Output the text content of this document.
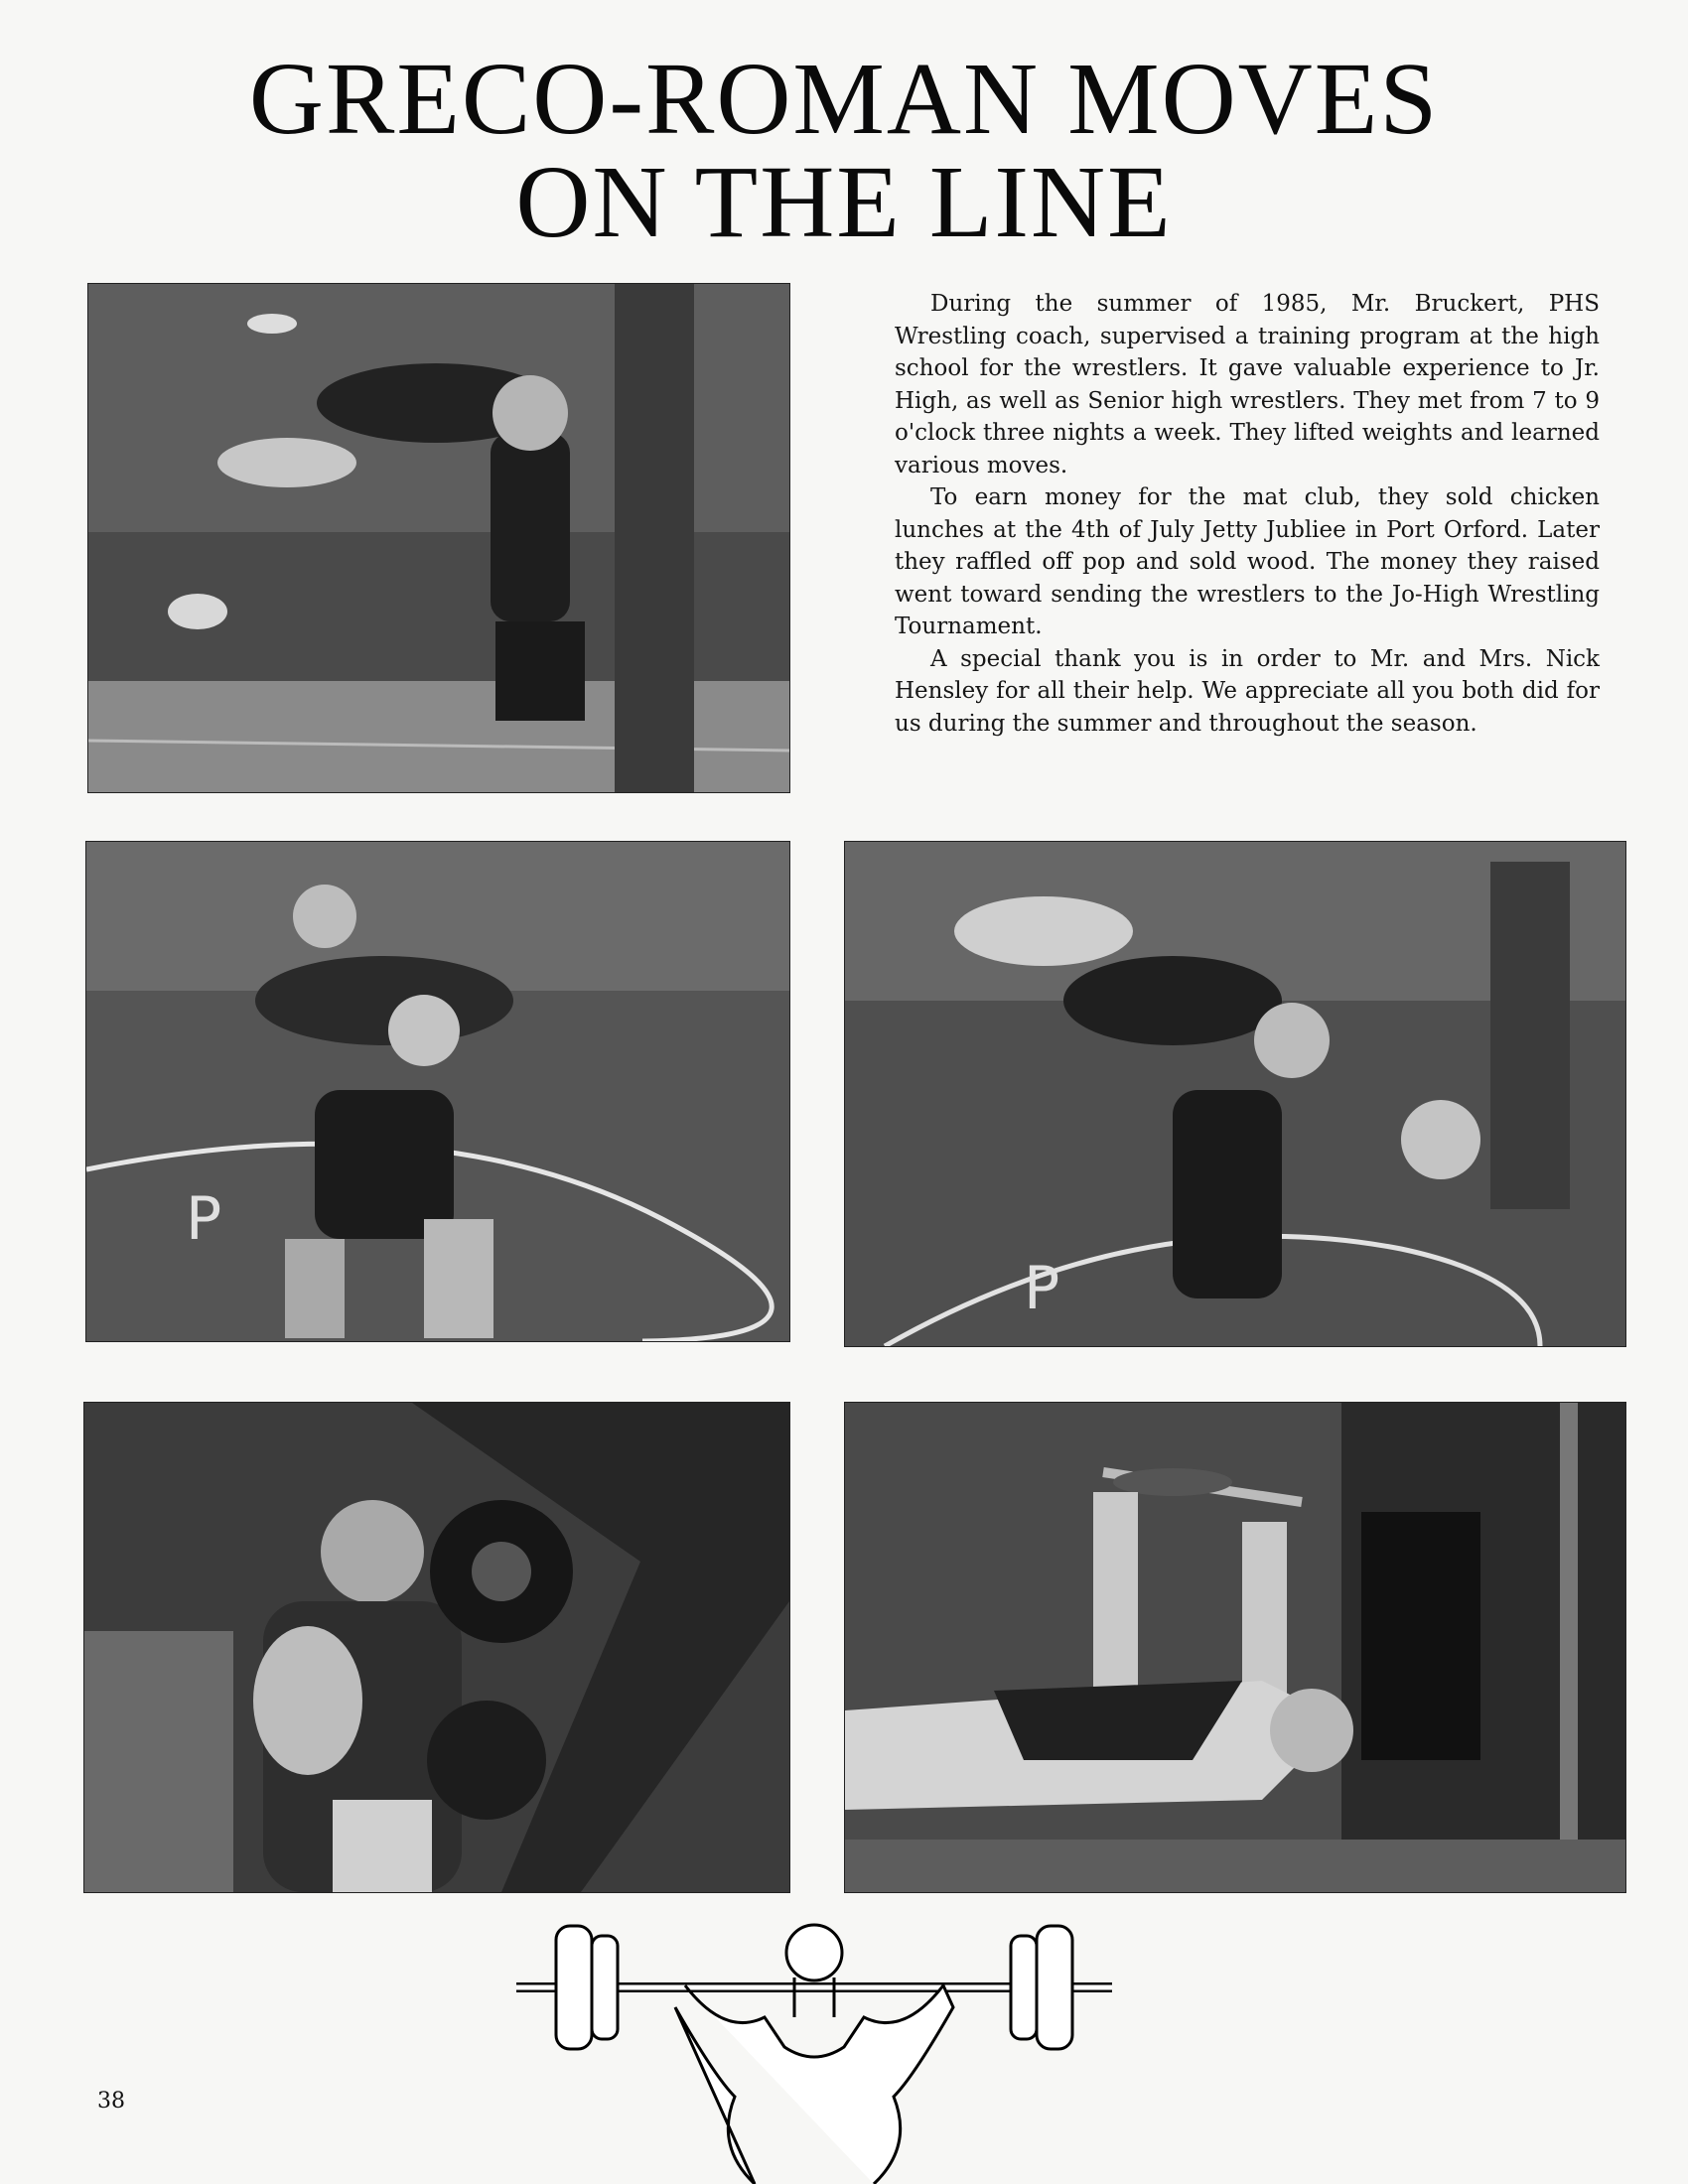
GRECO-ROMAN MOVES
ON THE LINE

During the summer of 1985, Mr. Bruckert, PHS Wrestling coach, supervised a training program at the high school for the wrestlers. It gave valuable experience to Jr. High, as well as Senior high wrestlers. They met from 7 to 9 o'clock three nights a week. They lifted weights and learned various moves.

To earn money for the mat club, they sold chicken lunches at the 4th of July Jetty Jubliee in Port Orford. Later they raffled off pop and sold wood. The money they raised went toward sending the wrestlers to the Jo-High Wrestling Tournament.

A special thank you is in order to Mr. and Mrs. Nick Hensley for all their help. We appreciate all you both did for us during the summer and throughout the season.

P
P
38
